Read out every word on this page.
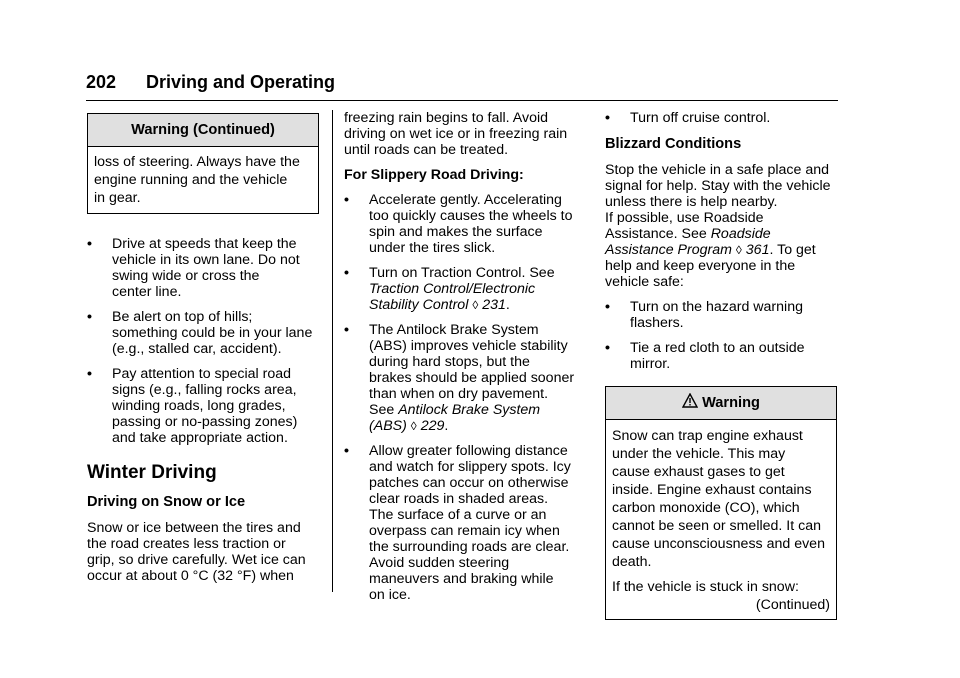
202 Driving and Operating
Warning (Continued)
loss of steering. Always have the
engine running and the vehicle
in gear.
•	Drive at speeds that keep the
vehicle in its own lane. Do not
swing wide or cross the
center line.
•	Be alert on top of hills;
something could be in your lane
(e.g., stalled car, accident).
•	Pay attention to special road
signs (e.g., falling rocks area,
winding roads, long grades,
passing or no-passing zones)
and take appropriate action.
Winter Driving
Driving on Snow or Ice
Snow or ice between the tires and
the road creates less traction or
grip, so drive carefully. Wet ice can
occur at about 0 °C (32 °F) when
freezing rain begins to fall. Avoid
driving on wet ice or in freezing rain
until roads can be treated.
For Slippery Road Driving:
•	Accelerate gently. Accelerating
too quickly causes the wheels to
spin and makes the surface
under the tires slick.
•	Turn on Traction Control. See
Traction Control/Electronic
Stability Control ◊ 231.
•	The Antilock Brake System
(ABS) improves vehicle stability
during hard stops, but the
brakes should be applied sooner
than when on dry pavement.
See Antilock Brake System
(ABS) ◊ 229.
•	Allow greater following distance
and watch for slippery spots. Icy
patches can occur on otherwise
clear roads in shaded areas.
The surface of a curve or an
overpass can remain icy when
the surrounding roads are clear.
Avoid sudden steering
maneuvers and braking while
on ice.
•	Turn off cruise control.
Blizzard Conditions
Stop the vehicle in a safe place and
signal for help. Stay with the vehicle
unless there is help nearby.
If possible, use Roadside
Assistance. See Roadside
Assistance Program ◊ 361. To get
help and keep everyone in the
vehicle safe:
•	Turn on the hazard warning
flashers.
•	Tie a red cloth to an outside
mirror.
Warning

Snow can trap engine exhaust
under the vehicle. This may
cause exhaust gases to get
inside. Engine exhaust contains
carbon monoxide (CO), which
cannot be seen or smelled. It can
cause unconsciousness and even
death.

If the vehicle is stuck in snow:

(Continued)
